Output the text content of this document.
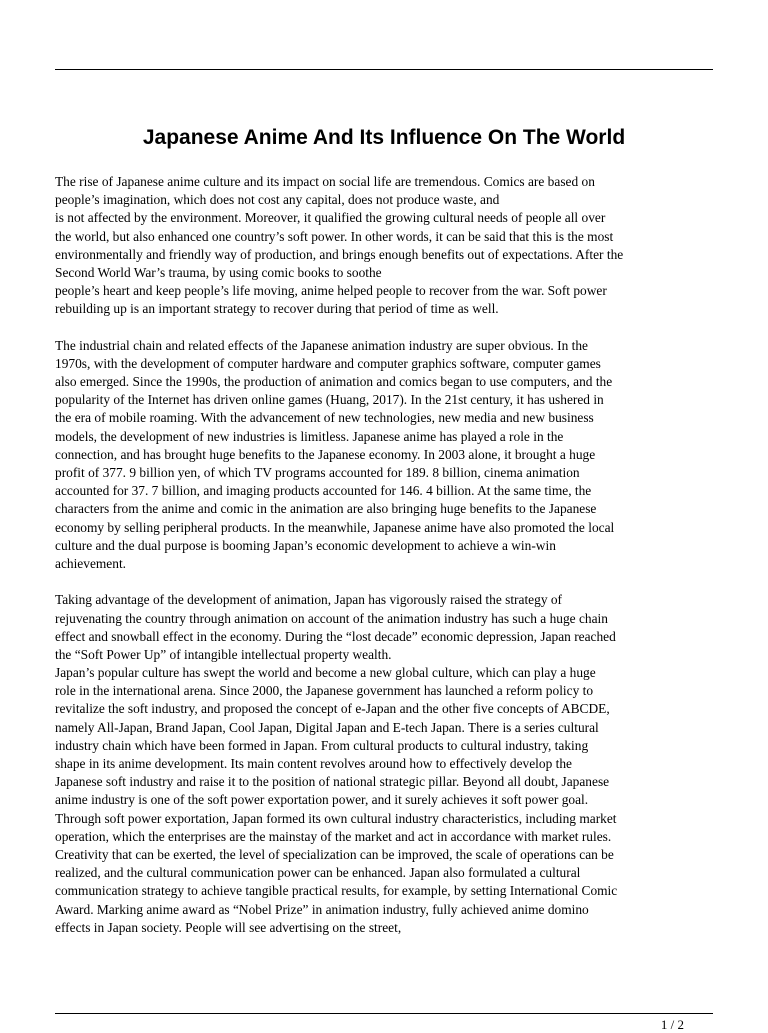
Japanese Anime And Its Influence On The World
The rise of Japanese anime culture and its impact on social life are tremendous. Comics are based on
people’s imagination, which does not cost any capital, does not produce waste, and
is not affected by the environment. Moreover, it qualified the growing cultural needs of people all over
the world, but also enhanced one country’s soft power. In other words, it can be said that this is the most
environmentally and friendly way of production, and brings enough benefits out of expectations. After the
Second World War’s trauma, by using comic books to soothe
people’s heart and keep people’s life moving, anime helped people to recover from the war. Soft power
rebuilding up is an important strategy to recover during that period of time as well.
The industrial chain and related effects of the Japanese animation industry are super obvious. In the
1970s, with the development of computer hardware and computer graphics software, computer games
also emerged. Since the 1990s, the production of animation and comics began to use computers, and the
popularity of the Internet has driven online games (Huang, 2017). In the 21st century, it has ushered in
the era of mobile roaming. With the advancement of new technologies, new media and new business
models, the development of new industries is limitless. Japanese anime has played a role in the
connection, and has brought huge benefits to the Japanese economy. In 2003 alone, it brought a huge
profit of 377. 9 billion yen, of which TV programs accounted for 189. 8 billion, cinema animation
accounted for 37. 7 billion, and imaging products accounted for 146. 4 billion. At the same time, the
characters from the anime and comic in the animation are also bringing huge benefits to the Japanese
economy by selling peripheral products. In the meanwhile, Japanese anime have also promoted the local
culture and the dual purpose is booming Japan’s economic development to achieve a win-win
achievement.
Taking advantage of the development of animation, Japan has vigorously raised the strategy of
rejuvenating the country through animation on account of the animation industry has such a huge chain
effect and snowball effect in the economy. During the “lost decade” economic depression, Japan reached
the “Soft Power Up” of intangible intellectual property wealth.
Japan’s popular culture has swept the world and become a new global culture, which can play a huge
role in the international arena. Since 2000, the Japanese government has launched a reform policy to
revitalize the soft industry, and proposed the concept of e-Japan and the other five concepts of ABCDE,
namely All-Japan, Brand Japan, Cool Japan, Digital Japan and E-tech Japan. There is a series cultural
industry chain which have been formed in Japan. From cultural products to cultural industry, taking
shape in its anime development. Its main content revolves around how to effectively develop the
Japanese soft industry and raise it to the position of national strategic pillar. Beyond all doubt, Japanese
anime industry is one of the soft power exportation power, and it surely achieves it soft power goal.
Through soft power exportation, Japan formed its own cultural industry characteristics, including market
operation, which the enterprises are the mainstay of the market and act in accordance with market rules.
Creativity that can be exerted, the level of specialization can be improved, the scale of operations can be
realized, and the cultural communication power can be enhanced. Japan also formulated a cultural
communication strategy to achieve tangible practical results, for example, by setting International Comic
Award. Marking anime award as “Nobel Prize” in animation industry, fully achieved anime domino
effects in Japan society. People will see advertising on the street,
1 / 2
